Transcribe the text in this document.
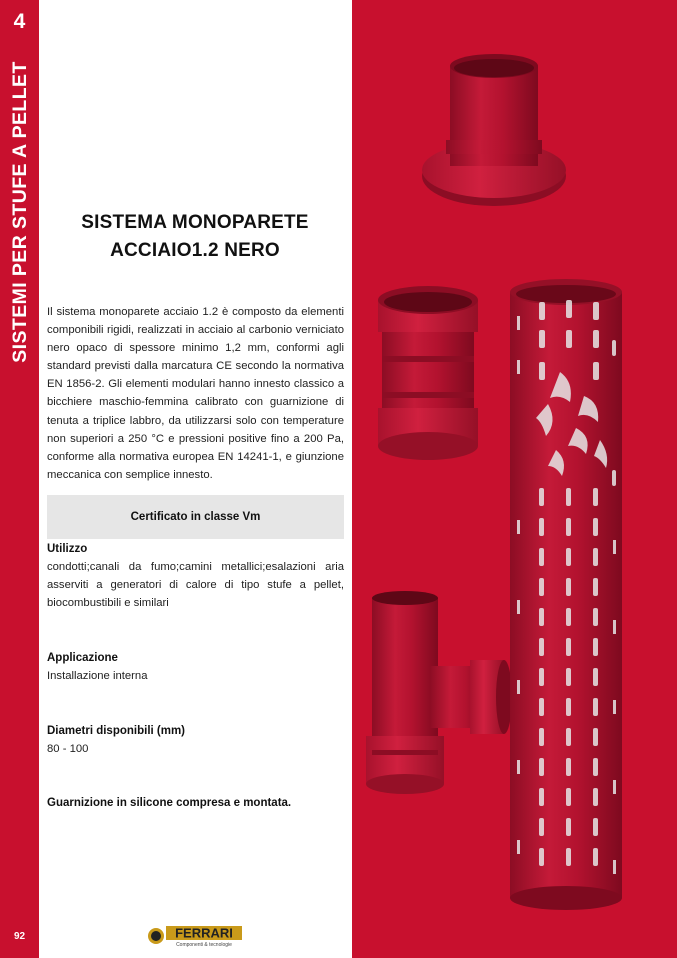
4
SISTEMI PER STUFE A PELLET
92
SISTEMA MONOPARETE
ACCIAIO1.2 NERO
Il sistema monoparete acciaio 1.2 è composto da elementi componibili rigidi, realizzati in acciaio al carbonio verniciato nero opaco di spessore minimo 1,2 mm, conformi agli standard previsti dalla marcatura CE secondo la normativa EN 1856-2. Gli elementi modulari hanno innesto classico a bicchiere maschio-femmina calibrato con guarnizione di tenuta a triplice labbro, da utilizzarsi solo con temperature non superiori a 250 °C e pressioni positive fino a 200 Pa, conforme alla normativa europea EN 14241-1, e giunzione meccanica con semplice innesto.
Certificato in classe Vm
Utilizzo
condotti;canali da fumo;camini metallici;esalazioni aria asserviti a generatori di calore di tipo stufe a pellet, biocombustibili e similari
Applicazione
Installazione interna
Diametri disponibili (mm)
80 - 100
Guarnizione in silicone compresa e montata.
FERRARI
Componenti & tecnologie
